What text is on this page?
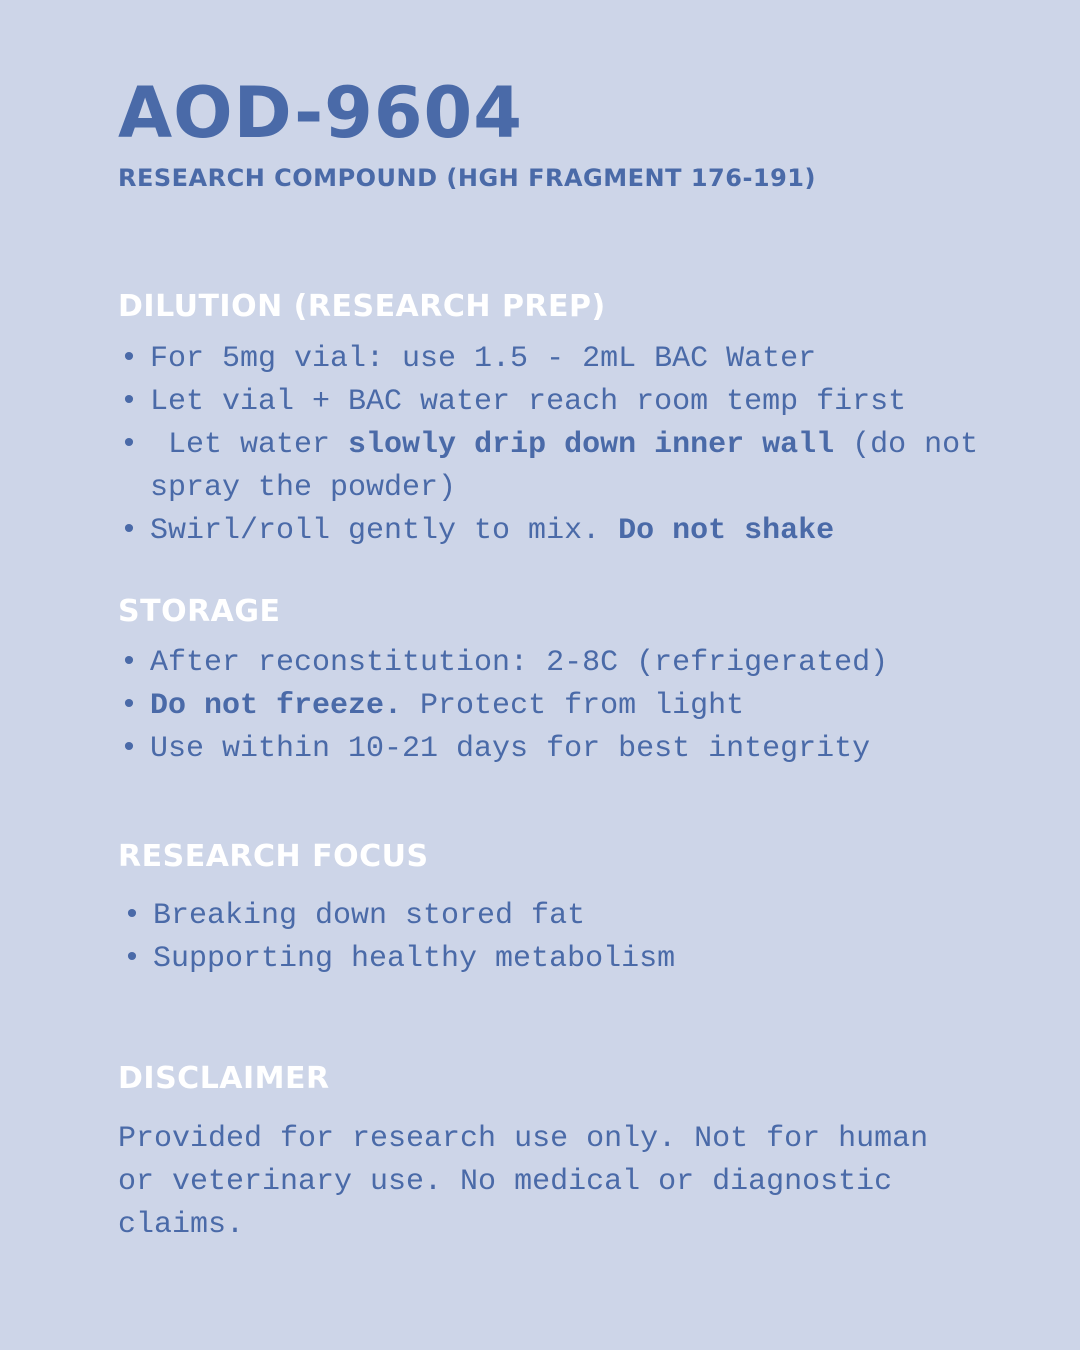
AOD-9604
RESEARCH COMPOUND (HGH FRAGMENT 176-191)
DILUTION (RESEARCH PREP)
• For 5mg vial: use 1.5 - 2mL BAC Water
• Let vial + BAC water reach room temp first
• Let water slowly drip down inner wall (do not spray the powder)
• Swirl/roll gently to mix. Do not shake
STORAGE
• After reconstitution: 2-8C (refrigerated)
• Do not freeze. Protect from light
• Use within 10-21 days for best integrity
RESEARCH FOCUS
• Breaking down stored fat
• Supporting healthy metabolism
DISCLAIMER

Provided for research use only. Not for human or veterinary use. No medical or diagnostic claims.
